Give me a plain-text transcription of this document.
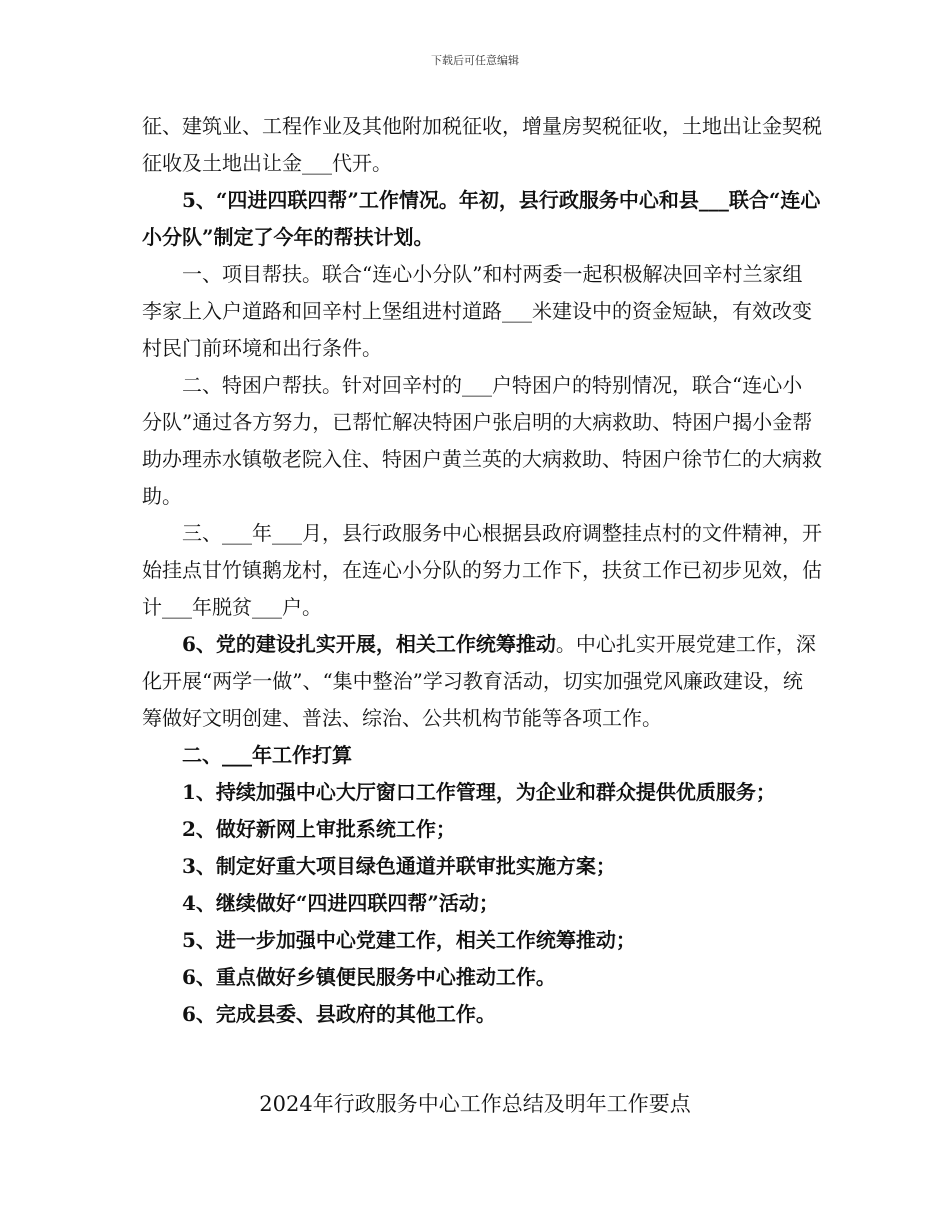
下载后可任意编辑

征、建筑业、工程作业及其他附加税征收，增量房契税征收，土地出让金契税征收及土地出让金___代开。

5、“四进四联四帮”工作情况。年初，县行政服务中心和县___联合“连心小分队”制定了今年的帮扶计划。

一、项目帮扶。联合“连心小分队”和村两委一起积极解决回辛村兰家组李家上入户道路和回辛村上堡组进村道路___米建设中的资金短缺，有效改变村民门前环境和出行条件。

二、特困户帮扶。针对回辛村的___户特困户的特别情况，联合“连心小分队”通过各方努力，已帮忙解决特困户张启明的大病救助、特困户揭小金帮助办理赤水镇敬老院入住、特困户黄兰英的大病救助、特困户徐节仁的大病救助。

三、___年___月，县行政服务中心根据县政府调整挂点村的文件精神，开始挂点甘竹镇鹅龙村，在连心小分队的努力工作下，扶贫工作已初步见效，估计___年脱贫___户。

6、党的建设扎实开展，相关工作统筹推动。中心扎实开展党建工作，深化开展“两学一做”、“集中整治”学习教育活动，切实加强党风廉政建设，统筹做好文明创建、普法、综治、公共机构节能等各项工作。

二、___年工作打算

1、持续加强中心大厅窗口工作管理，为企业和群众提供优质服务；

2、做好新网上审批系统工作；

3、制定好重大项目绿色通道并联审批实施方案；

4、继续做好“四进四联四帮”活动；

5、进一步加强中心党建工作，相关工作统筹推动；

6、重点做好乡镇便民服务中心推动工作。

6、完成县委、县政府的其他工作。

2024年行政服务中心工作总结及明年工作要点
